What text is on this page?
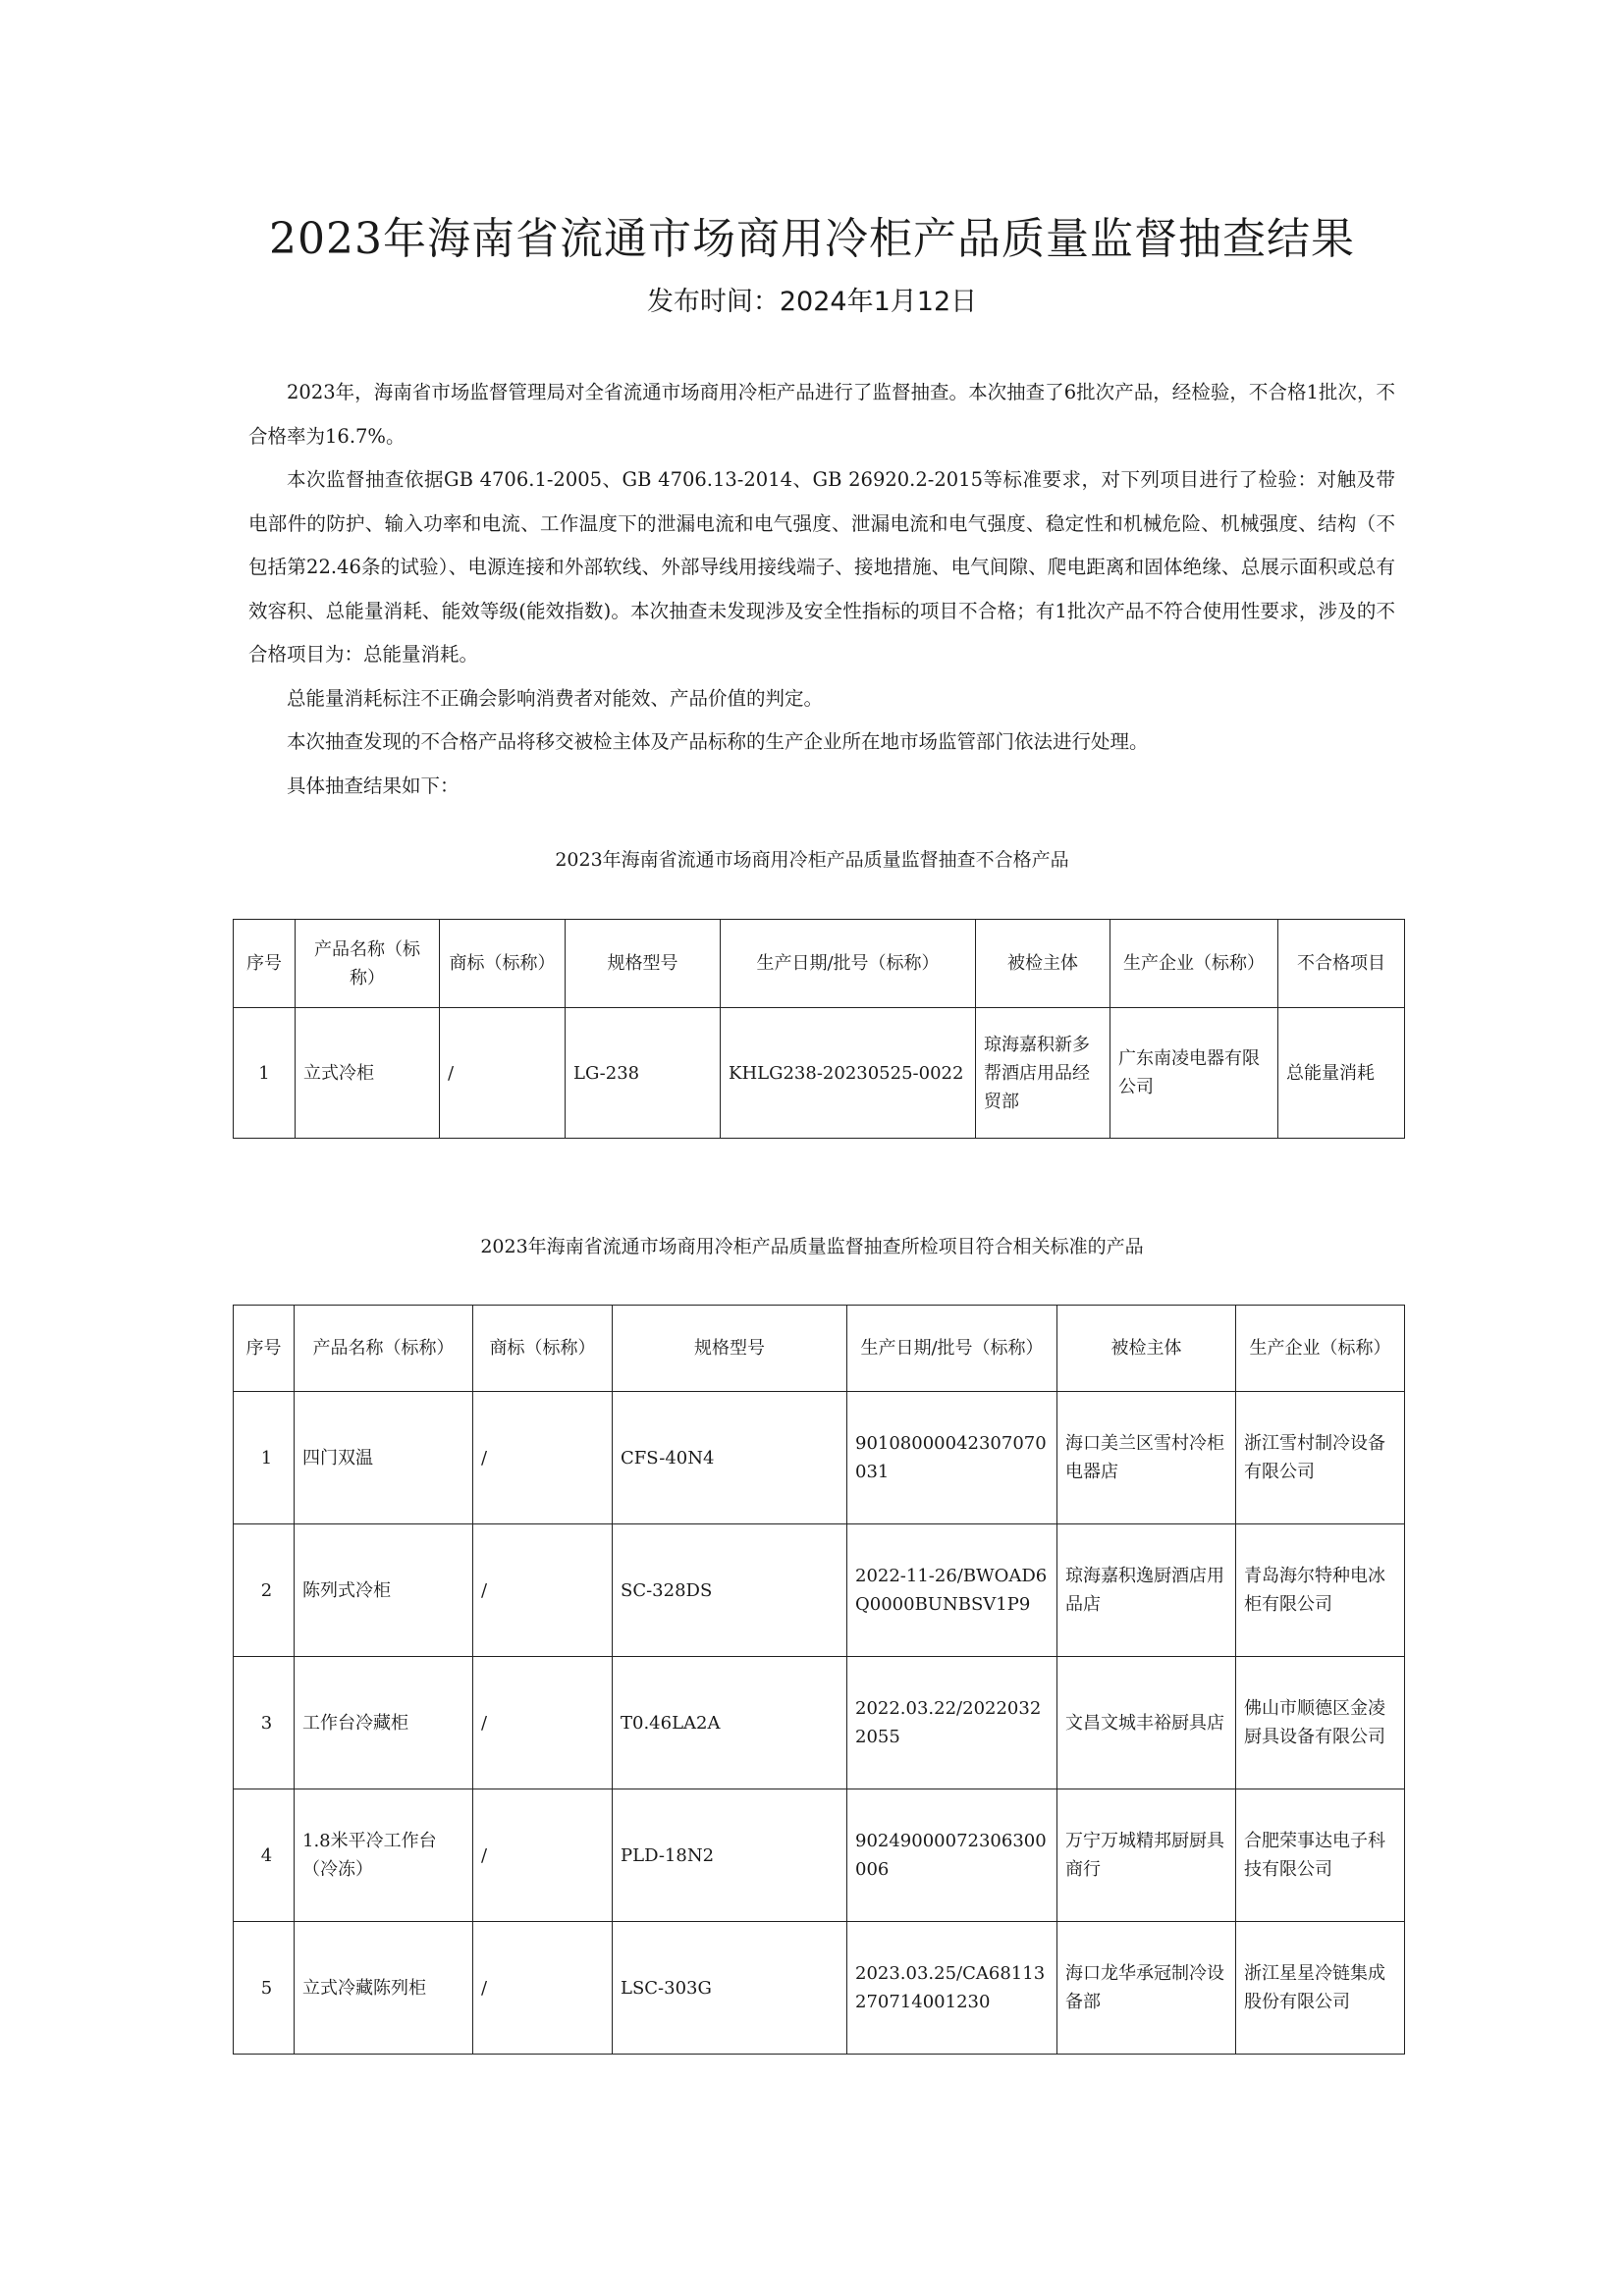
2023年海南省流通市场商用冷柜产品质量监督抽查结果
发布时间：2024年1月12日

2023年，海南省市场监督管理局对全省流通市场商用冷柜产品进行了监督抽查。本次抽查了6批次产品，经检验，不合格1批次，不合格率为16.7%。

本次监督抽查依据GB 4706.1-2005、GB 4706.13-2014、GB 26920.2-2015等标准要求，对下列项目进行了检验：对触及带电部件的防护、输入功率和电流、工作温度下的泄漏电流和电气强度、泄漏电流和电气强度、稳定性和机械危险、机械强度、结构（不包括第22.46条的试验）、电源连接和外部软线、外部导线用接线端子、接地措施、电气间隙、爬电距离和固体绝缘、总展示面积或总有效容积、总能量消耗、能效等级(能效指数)。本次抽查未发现涉及安全性指标的项目不合格；有1批次产品不符合使用性要求，涉及的不合格项目为：总能量消耗。

总能量消耗标注不正确会影响消费者对能效、产品价值的判定。

本次抽查发现的不合格产品将移交被检主体及产品标称的生产企业所在地市场监管部门依法进行处理。

具体抽查结果如下：

2023年海南省流通市场商用冷柜产品质量监督抽查不合格产品
序号	产品名称（标称）	商标（标称）	规格型号	生产日期/批号（标称）	被检主体	生产企业（标称）	不合格项目
1	立式冷柜	/	LG-238	KHLG238-20230525-0022	琼海嘉积新多帮酒店用品经贸部	广东南凌电器有限公司	总能量消耗
2023年海南省流通市场商用冷柜产品质量监督抽查所检项目符合相关标准的产品
序号	产品名称（标称）	商标（标称）	规格型号	生产日期/批号（标称）	被检主体	生产企业（标称）
1	四门双温	/	CFS-40N4	90108000042307070031	海口美兰区雪村冷柜电器店	浙江雪村制冷设备有限公司
2	陈列式冷柜	/	SC-328DS	2022-11-26/BWOAD6Q0000BUNBSV1P9	琼海嘉积逸厨酒店用品店	青岛海尔特种电冰柜有限公司
3	工作台冷藏柜	/	T0.46LA2A	2022.03.22/20220322055	文昌文城丰裕厨具店	佛山市顺德区金凌厨具设备有限公司
4	1.8米平冷工作台（冷冻）	/	PLD-18N2	90249000072306300006	万宁万城精邦厨厨具商行	合肥荣事达电子科技有限公司
5	立式冷藏陈列柜	/	LSC-303G	2023.03.25/CA68113270714001230	海口龙华承冠制冷设备部	浙江星星冷链集成股份有限公司
